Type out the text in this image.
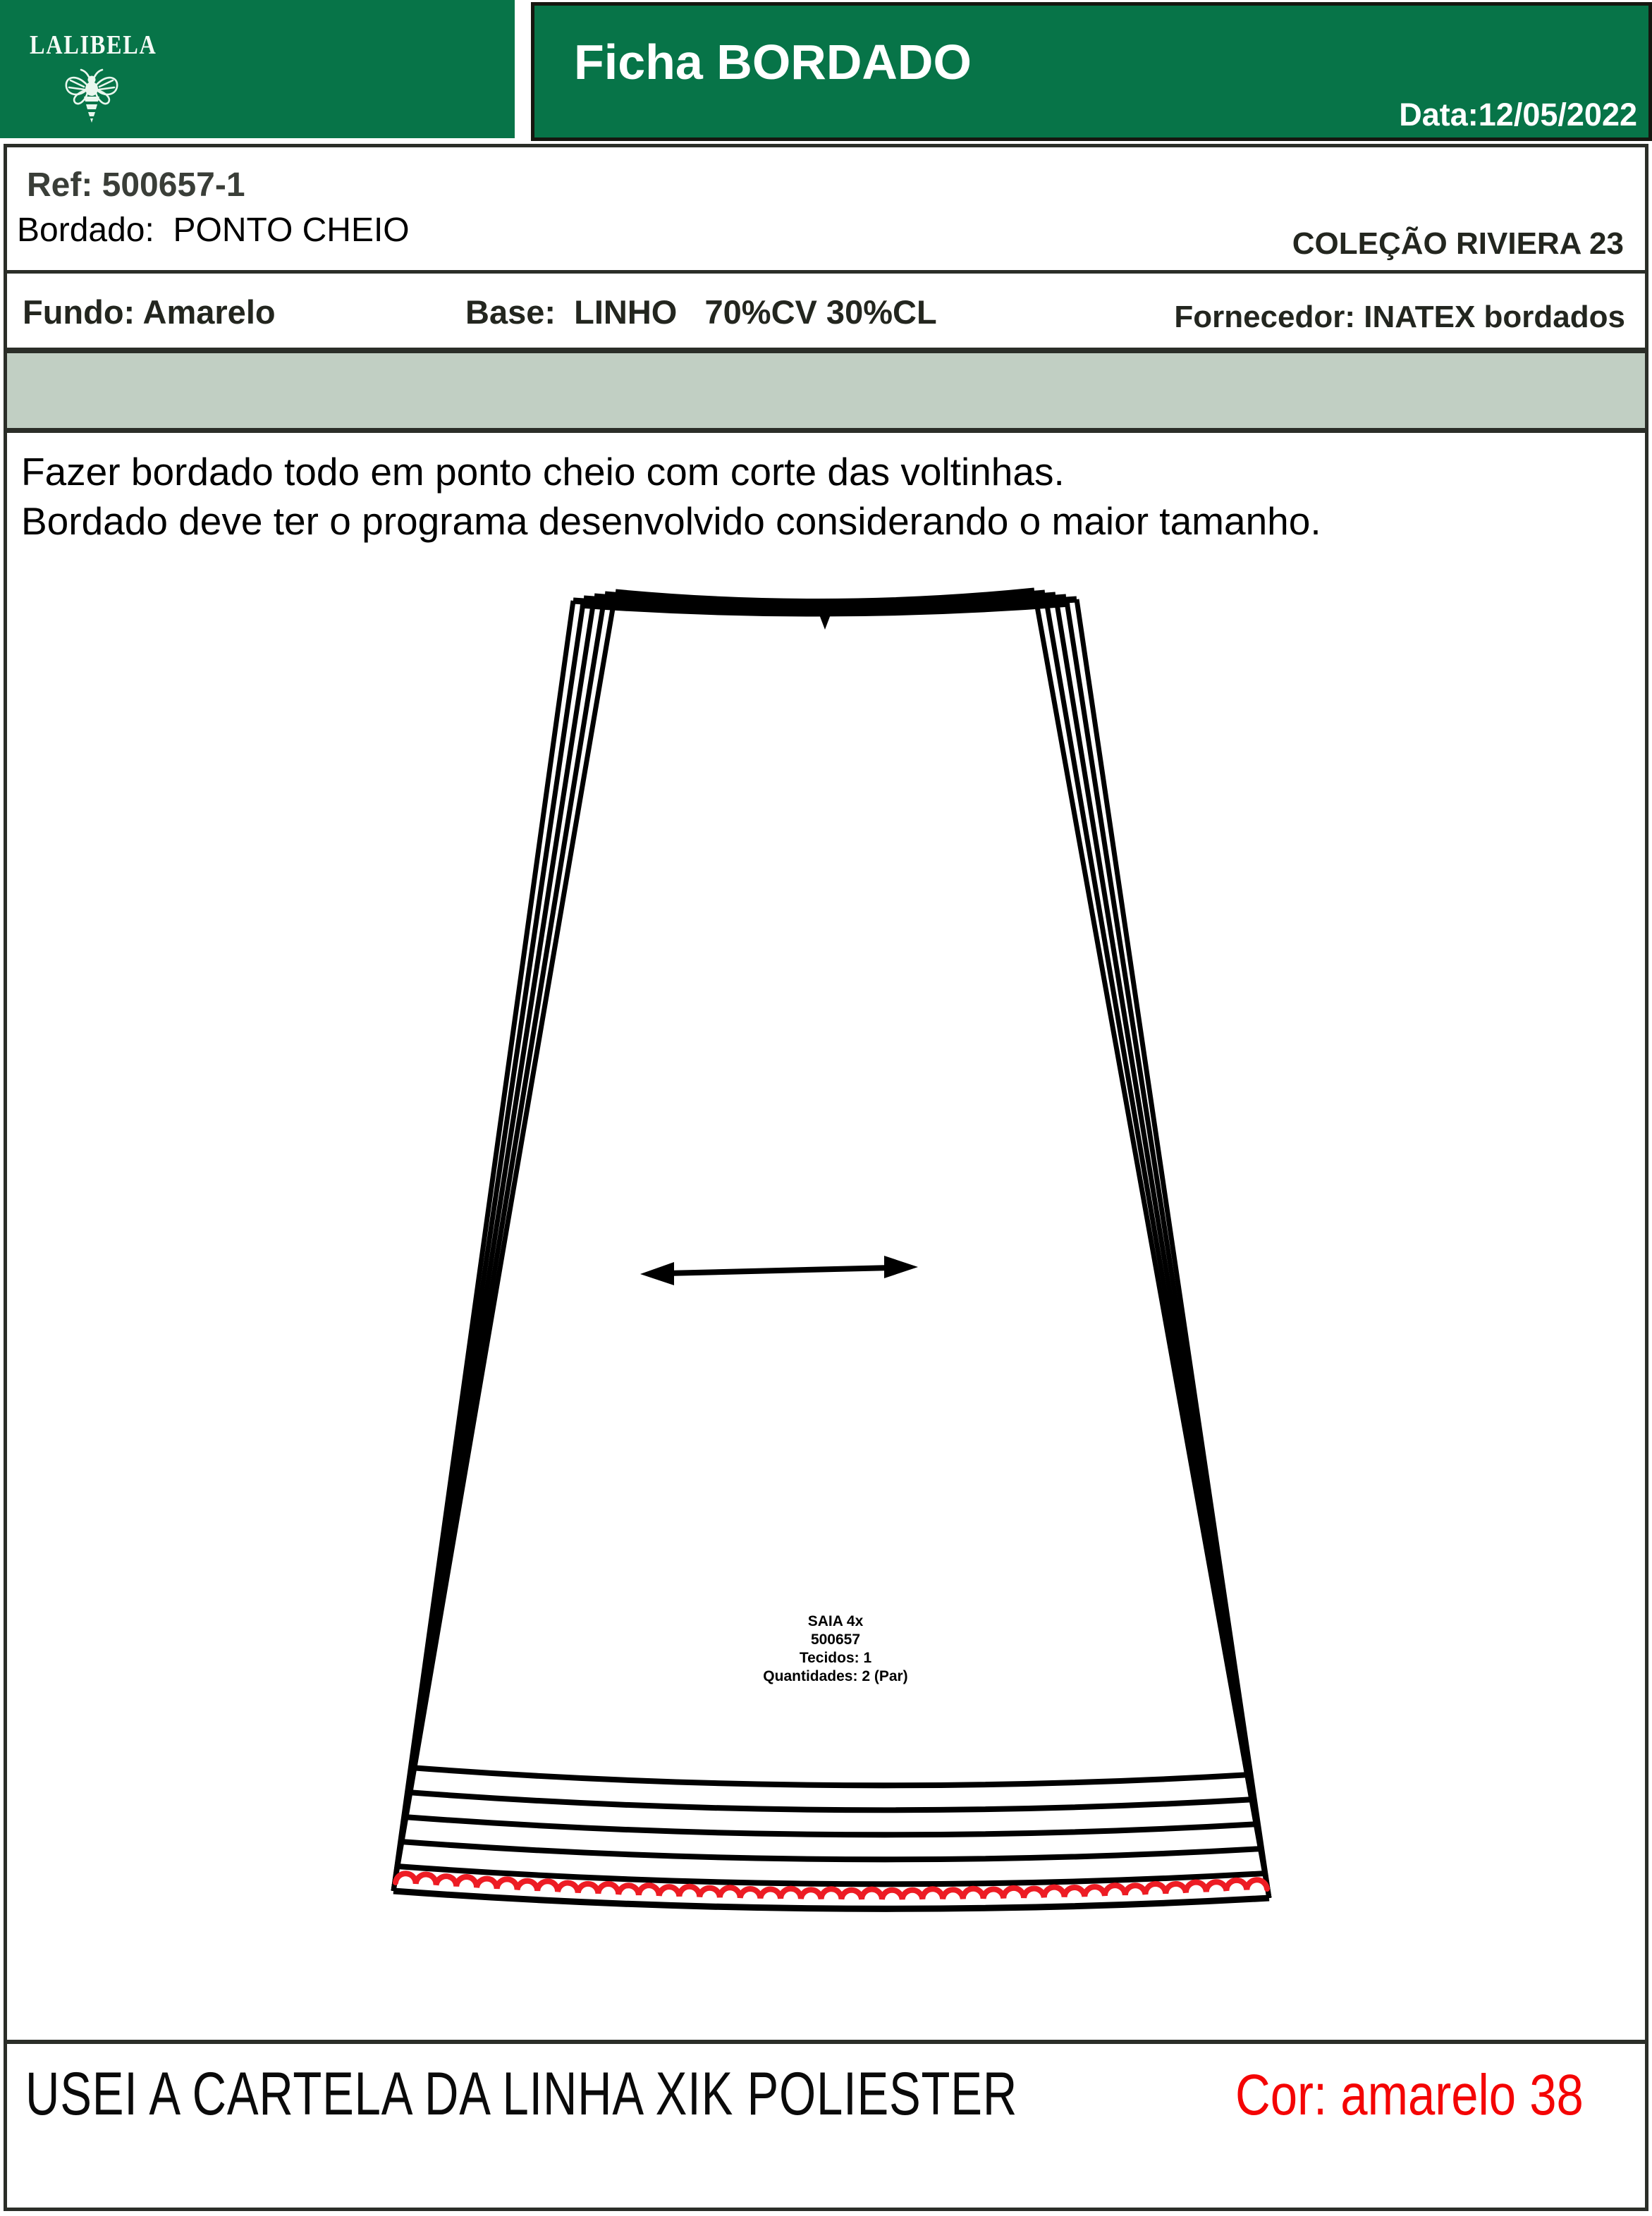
LALIBELA	Ficha BORDADO
Data:12/05/2022
Ref: 500657-1
Bordado:  PONTO CHEIO	COLEÇÃO RIVIERA 23
Fundo: Amarelo	Base:  LINHO   70%CV 30%CL	Fornecedor: INATEX bordados
Fazer bordado todo em ponto cheio com corte das voltinhas.
Bordado deve ter o programa desenvolvido considerando o maior tamanho.
SAIA 4x
500657
Tecidos: 1
Quantidades: 2 (Par)
USEI A CARTELA DA LINHA XIK POLIESTER	Cor: amarelo 38
